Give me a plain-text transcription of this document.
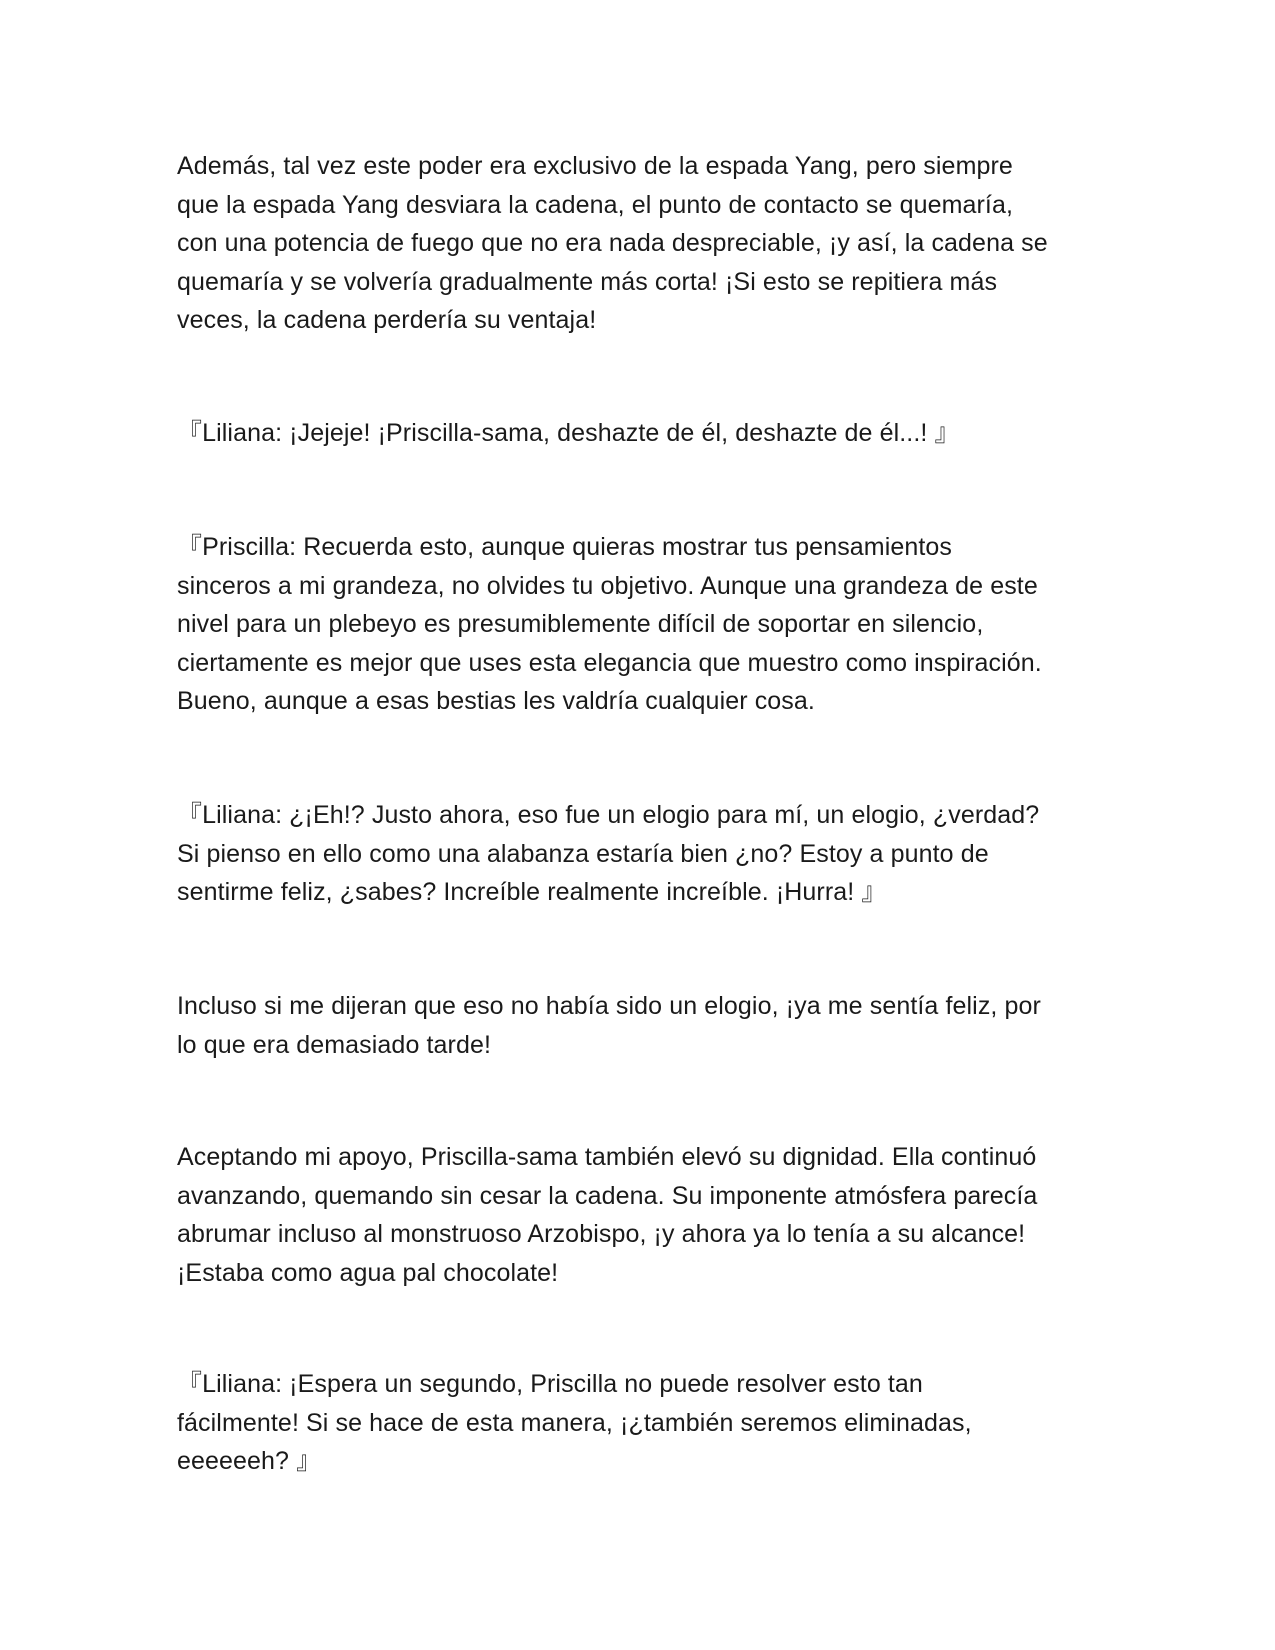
Además, tal vez este poder era exclusivo de la espada Yang, pero siempre
que la espada Yang desviara la cadena, el punto de contacto se quemaría,
con una potencia de fuego que no era nada despreciable, ¡y así, la cadena se
quemaría y se volvería gradualmente más corta! ¡Si esto se repitiera más
veces, la cadena perdería su ventaja!
『Liliana: ¡Jejeje! ¡Priscilla-sama, deshazte de él, deshazte de él...! 』
『Priscilla: Recuerda esto, aunque quieras mostrar tus pensamientos
sinceros a mi grandeza, no olvides tu objetivo. Aunque una grandeza de este
nivel para un plebeyo es presumiblemente difícil de soportar en silencio,
ciertamente es mejor que uses esta elegancia que muestro como inspiración.
Bueno, aunque a esas bestias les valdría cualquier cosa.
『Liliana: ¿¡Eh!? Justo ahora, eso fue un elogio para mí, un elogio, ¿verdad?
Si pienso en ello como una alabanza estaría bien ¿no? Estoy a punto de
sentirme feliz, ¿sabes? Increíble realmente increíble. ¡Hurra! 』
Incluso si me dijeran que eso no había sido un elogio, ¡ya me sentía feliz, por
lo que era demasiado tarde!
Aceptando mi apoyo, Priscilla-sama también elevó su dignidad. Ella continuó
avanzando, quemando sin cesar la cadena. Su imponente atmósfera parecía
abrumar incluso al monstruoso Arzobispo, ¡y ahora ya lo tenía a su alcance!
¡Estaba como agua pal chocolate!
『Liliana: ¡Espera un segundo, Priscilla no puede resolver esto tan
fácilmente! Si se hace de esta manera, ¡¿también seremos eliminadas,
eeeeeeh? 』
